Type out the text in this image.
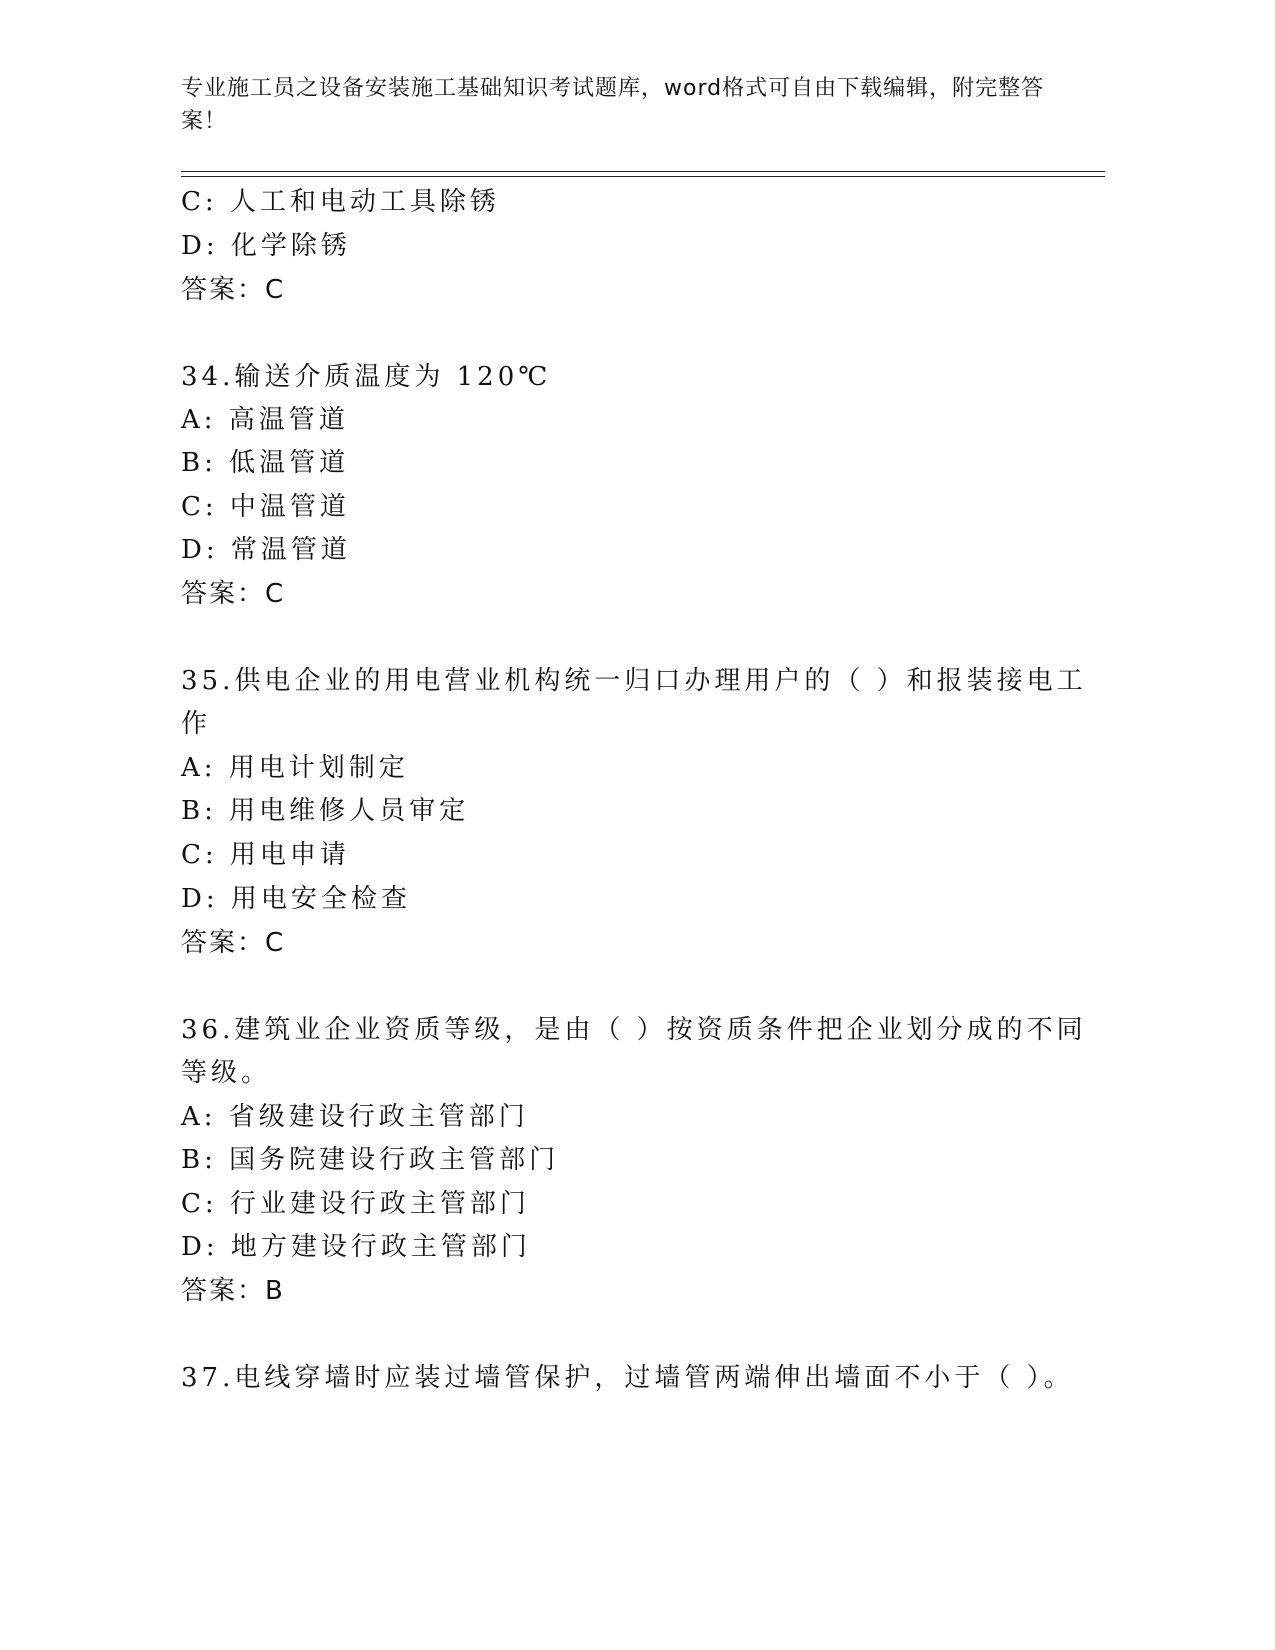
专业施工员之设备安装施工基础知识考试题库，word格式可自由下载编辑，附完整答案！
C: 人工和电动工具除锈
D: 化学除锈
答案：C
34.输送介质温度为 120℃
A: 高温管道
B: 低温管道
C: 中温管道
D: 常温管道
答案：C
35.供电企业的用电营业机构统一归口办理用户的（ ）和报装接电工
作
A: 用电计划制定
B: 用电维修人员审定
C: 用电申请
D: 用电安全检查
答案：C
36.建筑业企业资质等级，是由（ ）按资质条件把企业划分成的不同
等级。
A: 省级建设行政主管部门
B: 国务院建设行政主管部门
C: 行业建设行政主管部门
D: 地方建设行政主管部门
答案：B
37.电线穿墙时应装过墙管保护，过墙管两端伸出墙面不小于（ ）。
